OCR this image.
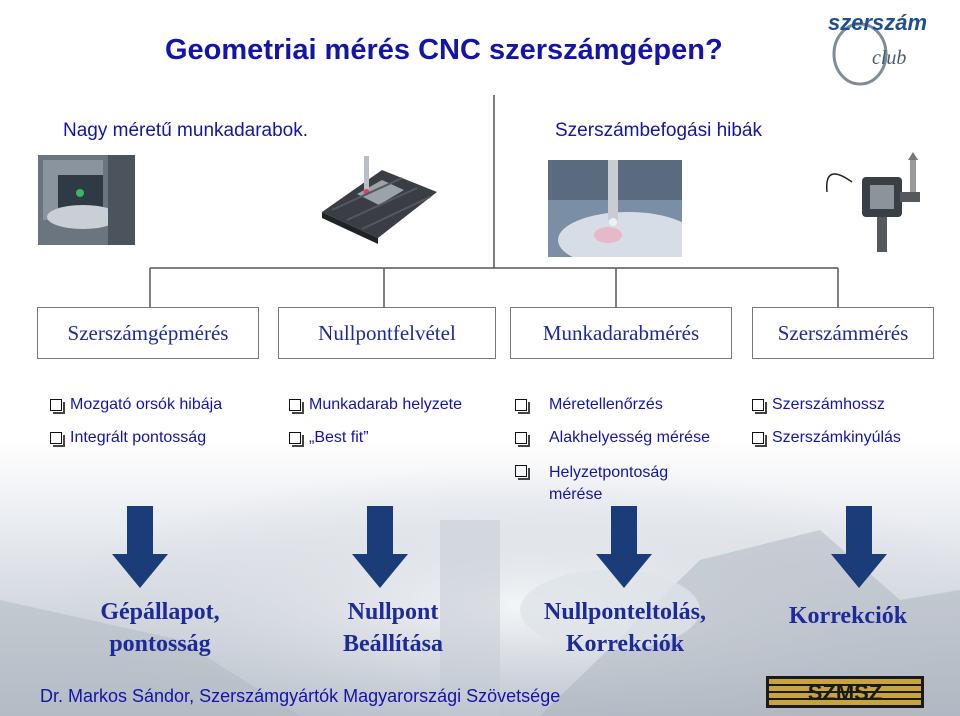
Geometriai mérés CNC szerszámgépen?
szerszám
club
Nagy méretű munkadarabok.	Szerszámbefogási hibák
Szerszámgépmérés	Nullpontfelvétel	Munkadarabmérés	Szerszámmérés
Mozgató orsók hibája
Integrált pontosság
Munkadarab helyzete
„Best fit”
Méretellenőrzés
Alakhelyesség mérése
Helyzetpontoság mérése
Szerszámhossz
Szerszámkinyúlás
Gépállapot,
pontosság
Nullpont
Beállítása
Nullponteltolás,
Korrekciók
Korrekciók
Dr. Markos Sándor, Szerszámgyártók Magyarországi Szövetsége	SZMSZ
